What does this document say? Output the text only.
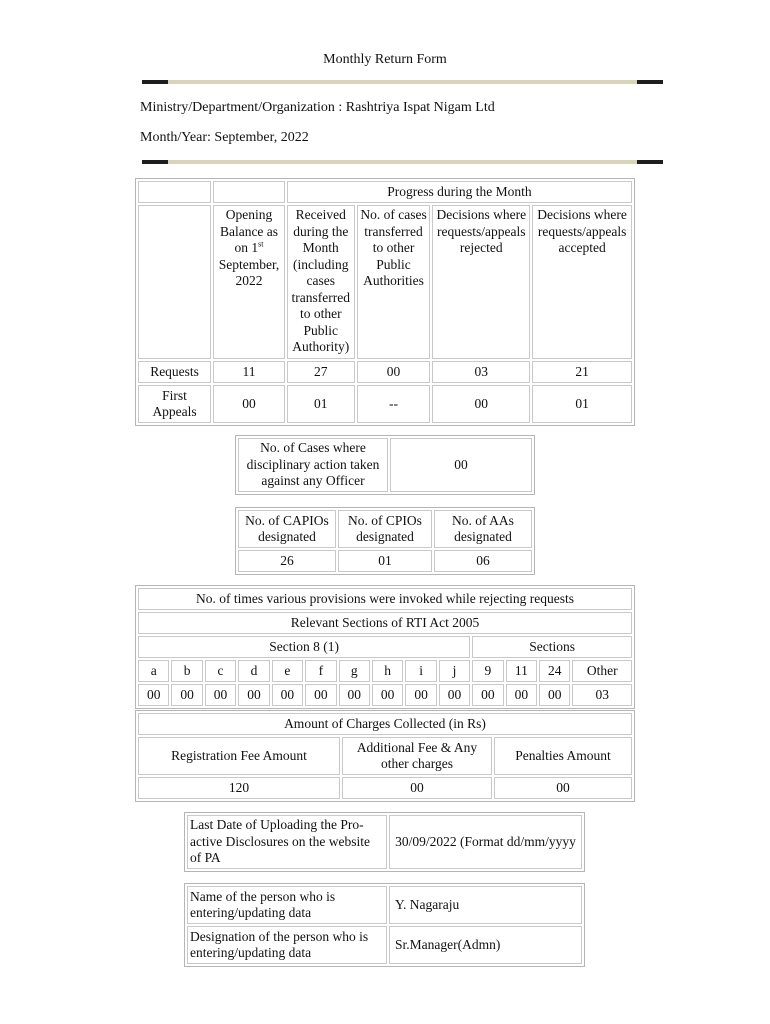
Monthly Return Form
Ministry/Department/Organization : Rashtriya Ispat Nigam Ltd
Month/Year: September, 2022
		Progress during the Month			
	Opening Balance as on 1st September, 2022	Received during the Month (including cases transferred to other Public Authority)	No. of cases transferred to other Public Authorities	Decisions where requests/appeals rejected	Decisions where requests/appeals accepted
Requests	11	27	00	03	21
First Appeals	00	01	--	00	01
No. of Cases where disciplinary action taken against any Officer	00
No. of CAPIOs designated	No. of CPIOs designated	No. of AAs designated
26	01	06
No. of times various provisions were invoked while rejecting requests													
Relevant Sections of RTI Act 2005													
Section 8 (1)										Sections			
a	b	c	d	e	f	g	h	i	j	9	11	24	Other
00	00	00	00	00	00	00	00	00	00	00	00	00	03
Amount of Charges Collected (in Rs)		
Registration Fee Amount	Additional Fee & Any other charges	Penalties Amount
120	00	00
Last Date of Uploading the Pro-active Disclosures on the website of PA	30/09/2022 (Format dd/mm/yyyy
Name of the person who is entering/updating data	Y. Nagaraju
Designation of the person who is entering/updating data	Sr.Manager(Admn)
